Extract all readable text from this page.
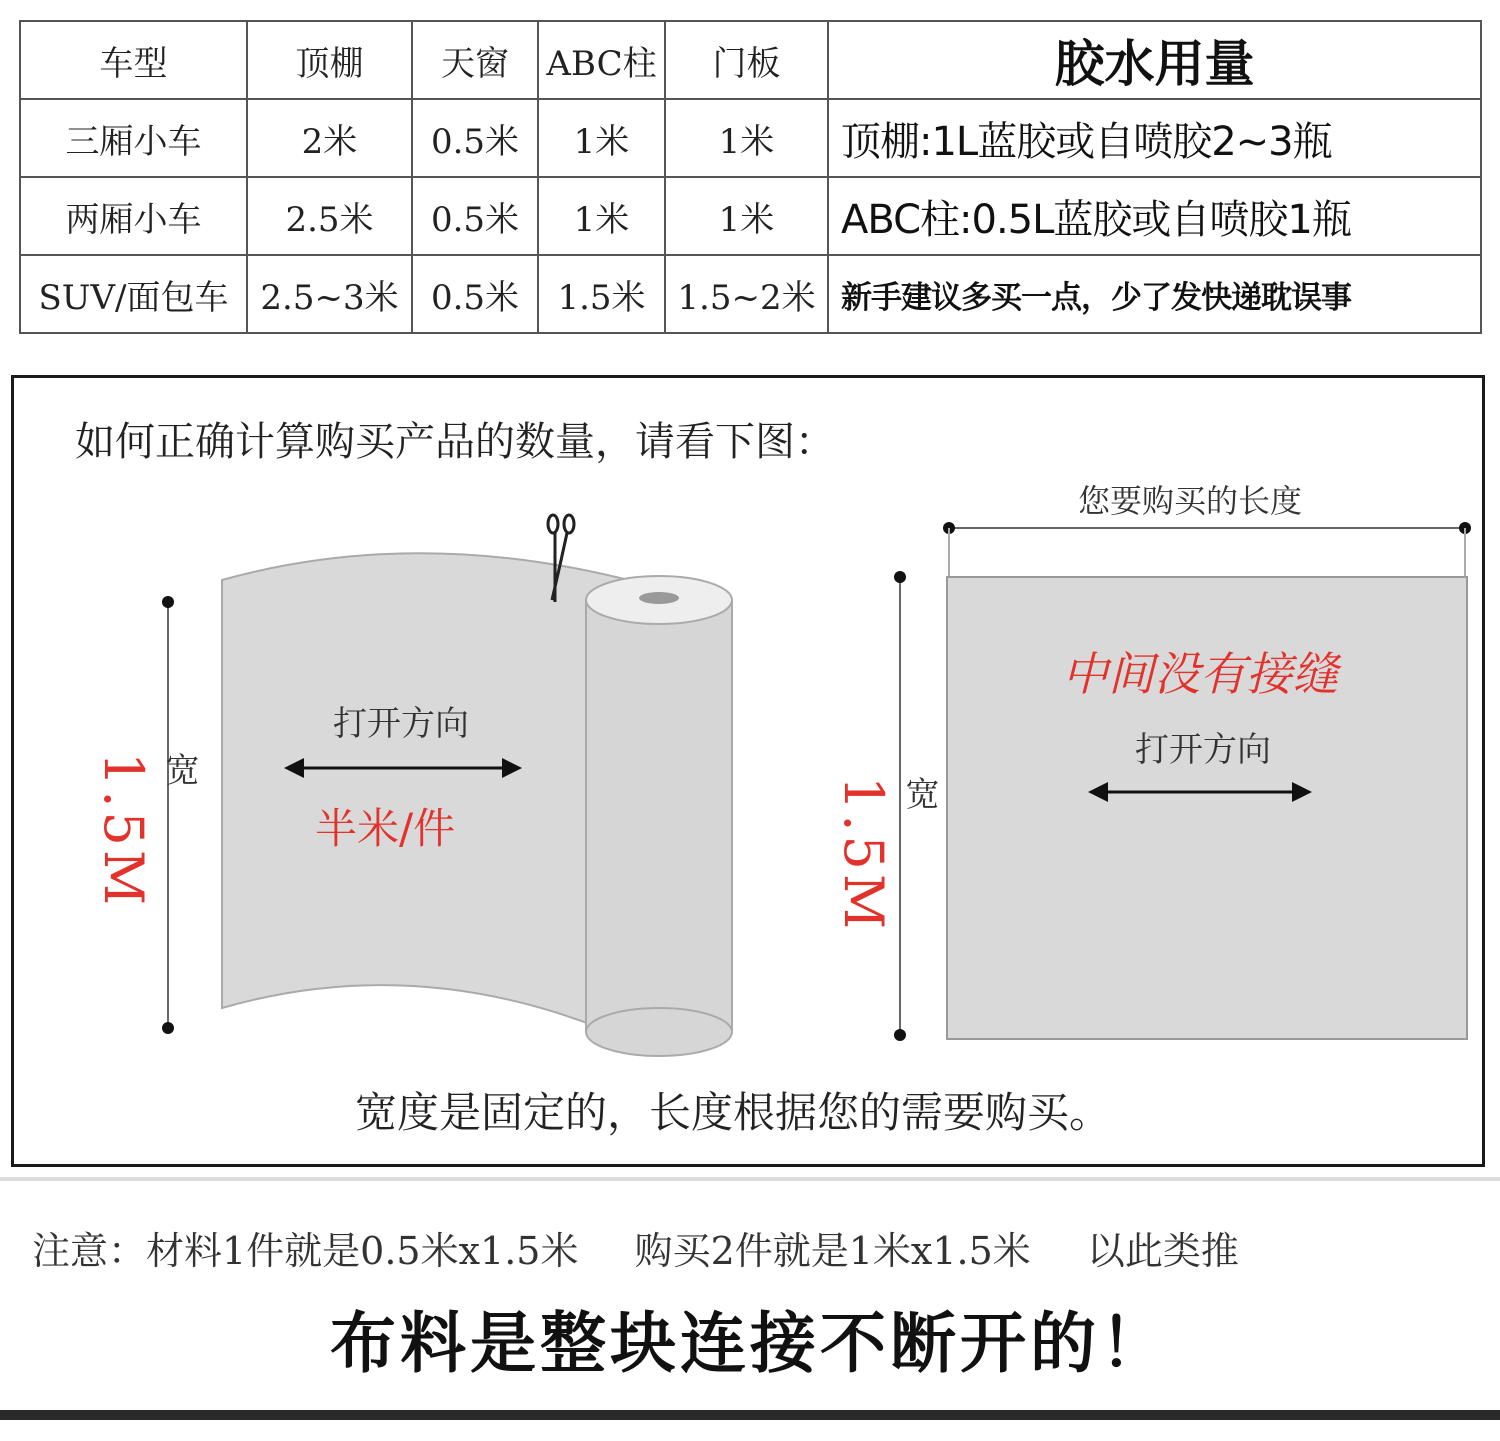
车型	顶棚	天窗	ABC柱	门板	胶水用量
三厢小车	2米	0.5米	1米	1米	顶棚:1L蓝胶或自喷胶2~3瓶
两厢小车	2.5米	0.5米	1米	1米	ABC柱:0.5L蓝胶或自喷胶1瓶
SUV/面包车	2.5~3米	0.5米	1.5米	1.5~2米	新手建议多买一点，少了发快递耽误事
如何正确计算购买产品的数量，请看下图：
打开方向
半米/件
宽
1.5M
您要购买的长度
中间没有接缝
打开方向
宽
1.5M
宽度是固定的，长度根据您的需要购买。
注意：材料1件就是0.5米x1.5米 购买2件就是1米x1.5米 以此类推
布料是整块连接不断开的！
